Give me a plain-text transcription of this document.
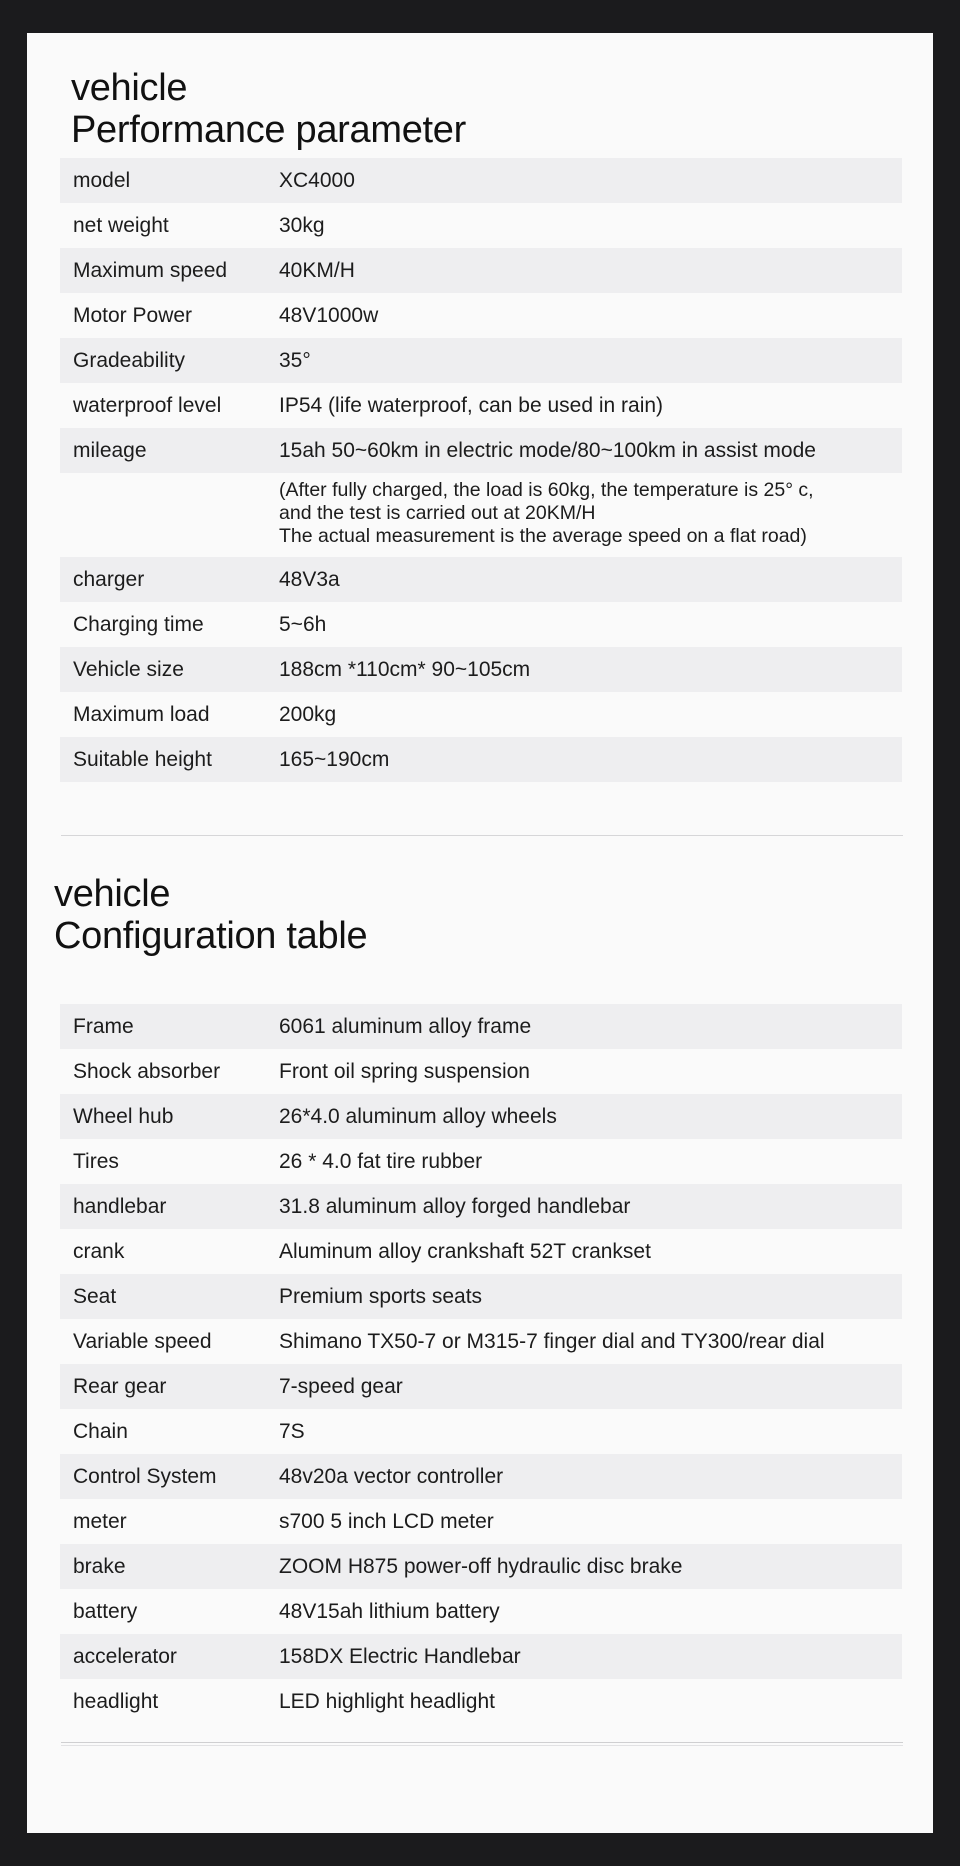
vehicle
Performance parameter
model	XC4000
net weight	30kg
Maximum speed	40KM/H
Motor Power	48V1000w
Gradeability	35°
waterproof level	IP54 (life waterproof, can be used in rain)
mileage	15ah 50~60km in electric mode/80~100km in assist mode
(After fully charged, the load is 60kg, the temperature is 25° c,
and the test is carried out at 20KM/H
The actual measurement is the average speed on a flat road)
charger	48V3a
Charging time	5~6h
Vehicle size	188cm *110cm* 90~105cm
Maximum load	200kg
Suitable height	165~190cm
vehicle
Configuration table
Frame	6061 aluminum alloy frame
Shock absorber	Front oil spring suspension
Wheel hub	26*4.0 aluminum alloy wheels
Tires	26 * 4.0 fat tire rubber
handlebar	31.8 aluminum alloy forged handlebar
crank	Aluminum alloy crankshaft 52T crankset
Seat	Premium sports seats
Variable speed	Shimano TX50-7 or M315-7 finger dial and TY300/rear dial
Rear gear	7-speed gear
Chain	7S
Control System	48v20a vector controller
meter	s700 5 inch LCD meter
brake	ZOOM H875 power-off hydraulic disc brake
battery	48V15ah lithium battery
accelerator	158DX Electric Handlebar
headlight	LED highlight headlight
